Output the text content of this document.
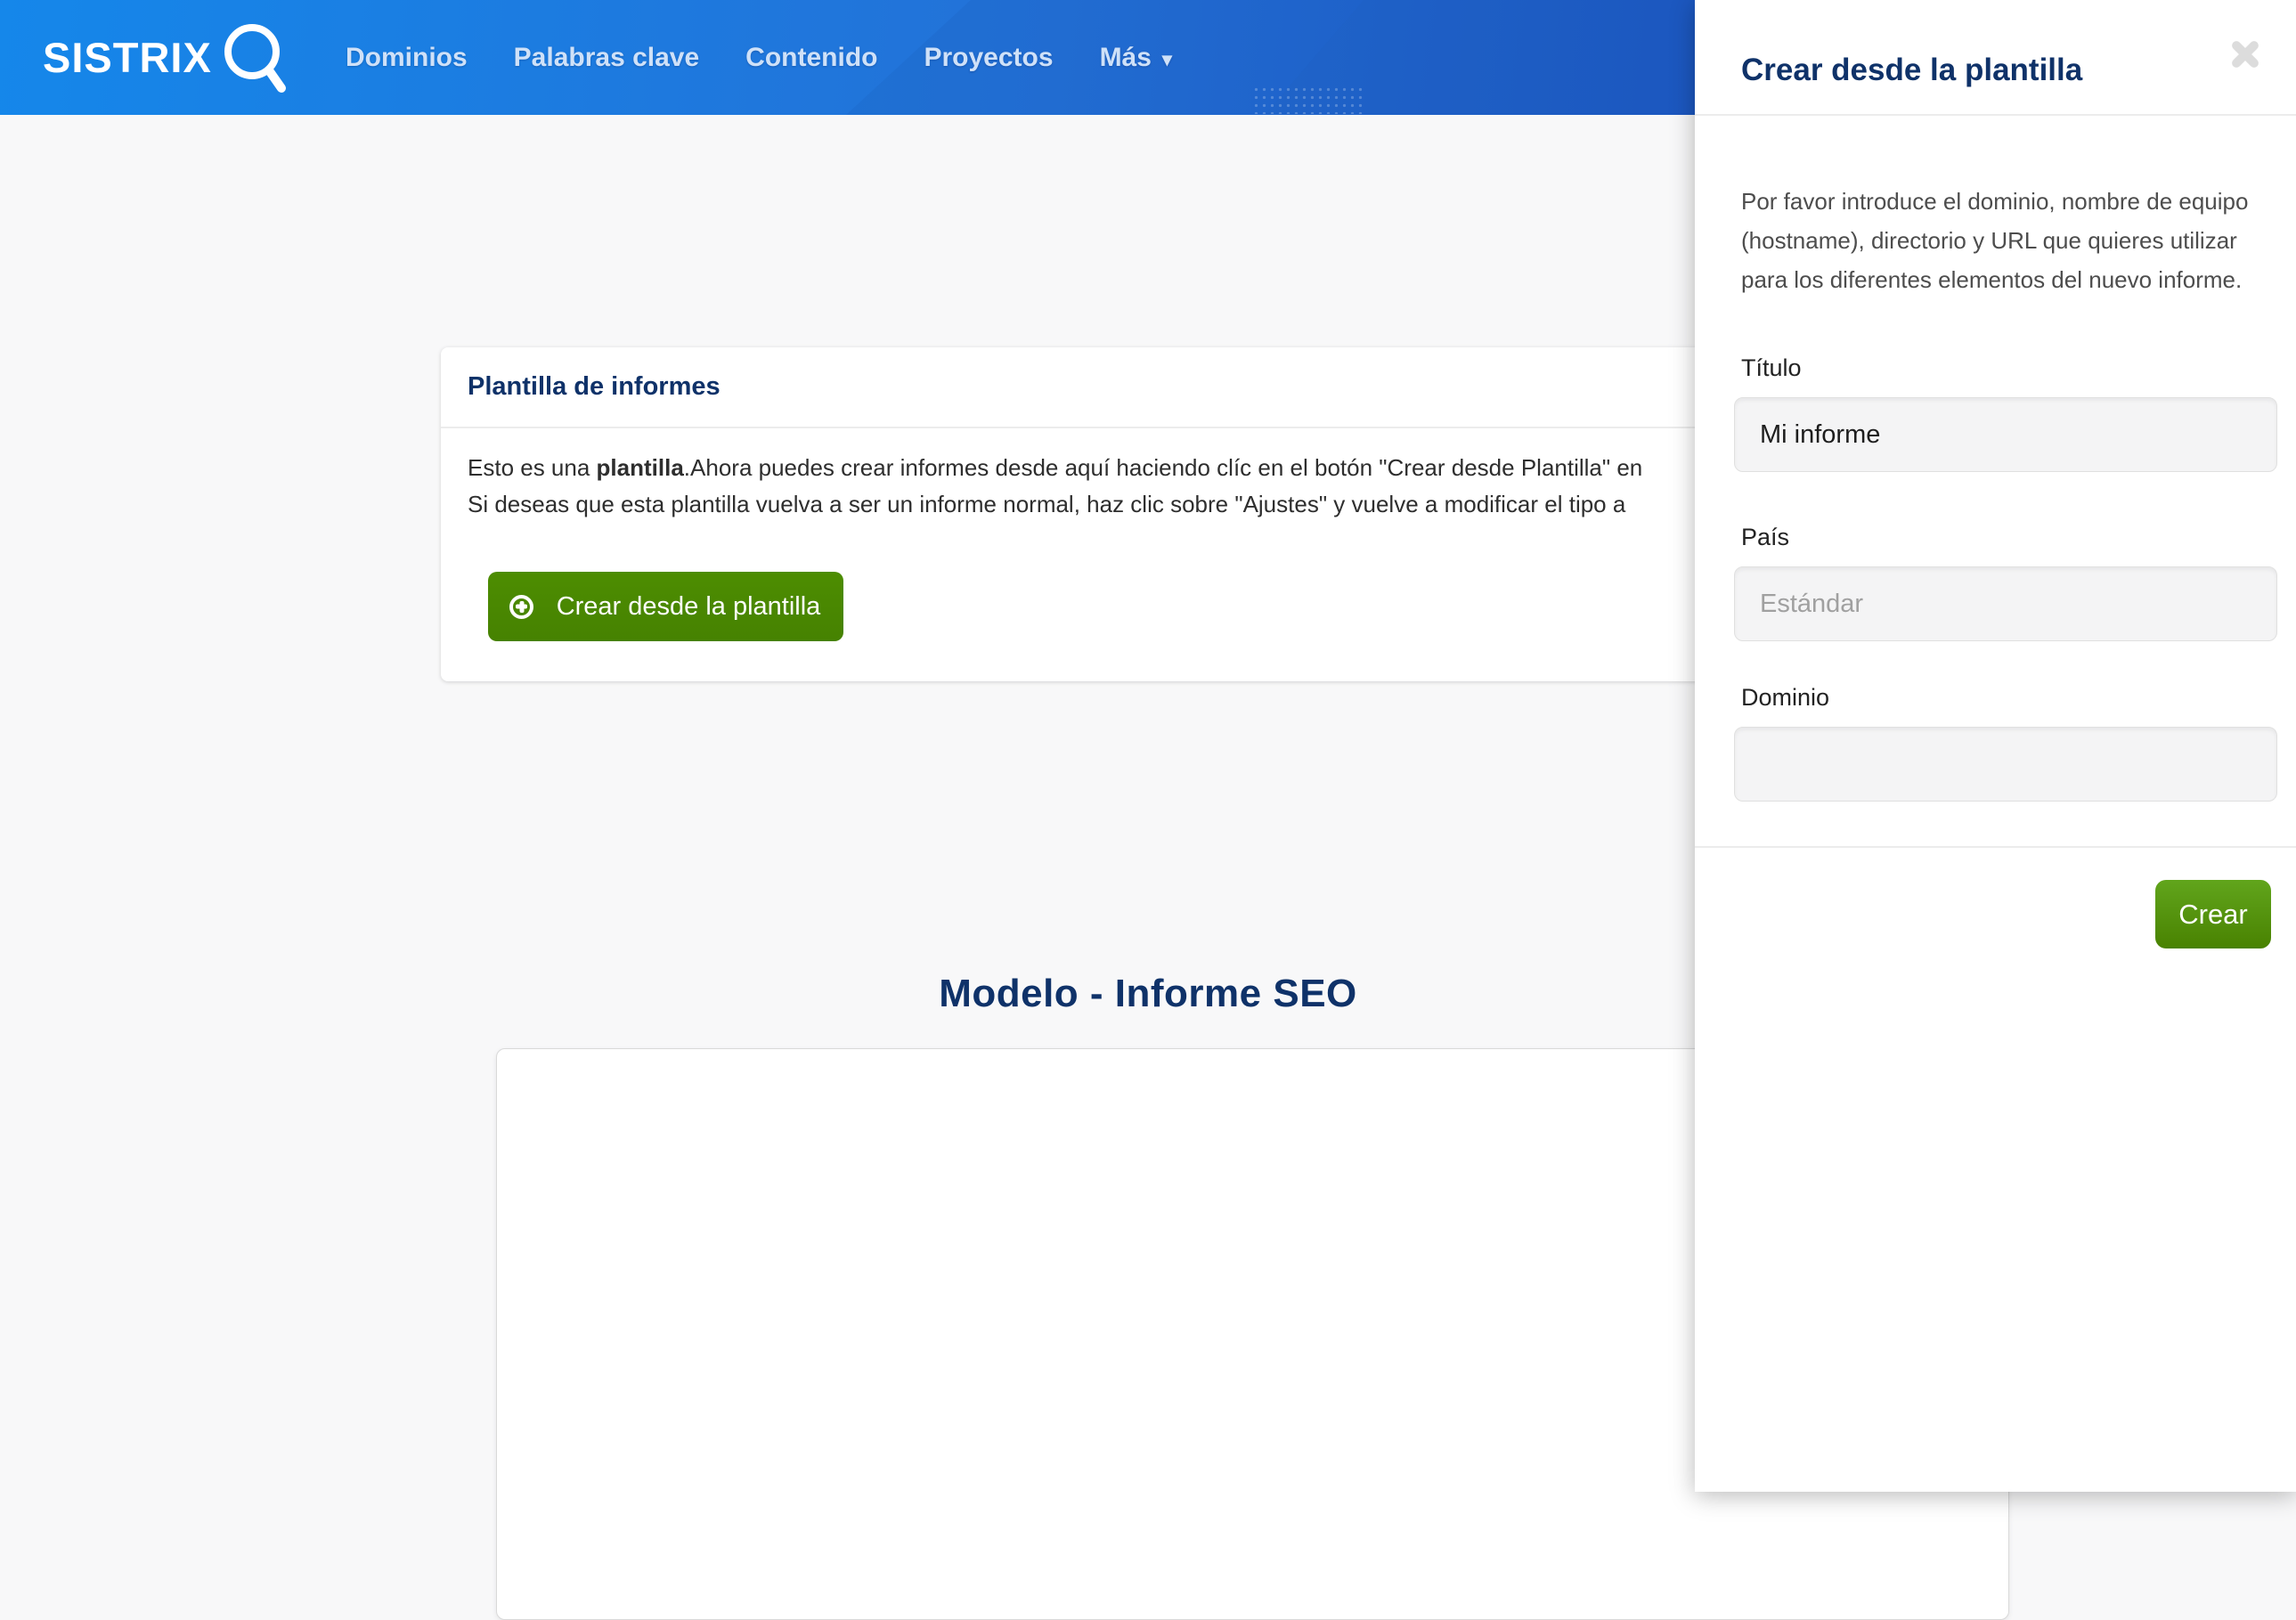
SISTRIX	Dominios Palabras clave Contenido Proyectos Más ▾
Plantilla de informes

Esto es una plantilla.Ahora puedes crear informes desde aquí haciendo clíc en el botón "Crear desde Plantilla" en

Si deseas que esta plantilla vuelva a ser un informe normal, haz clic sobre "Ajustes" y vuelve a modificar el tipo a

Crear desde la plantilla
Modelo - Informe SEO
Crear desde la plantilla

Por favor introduce el dominio, nombre de equipo (hostname), directorio y URL que quieres utilizar para los diferentes elementos del nuevo informe.

Título
Mi informe
País
Estándar
Dominio
Crear
